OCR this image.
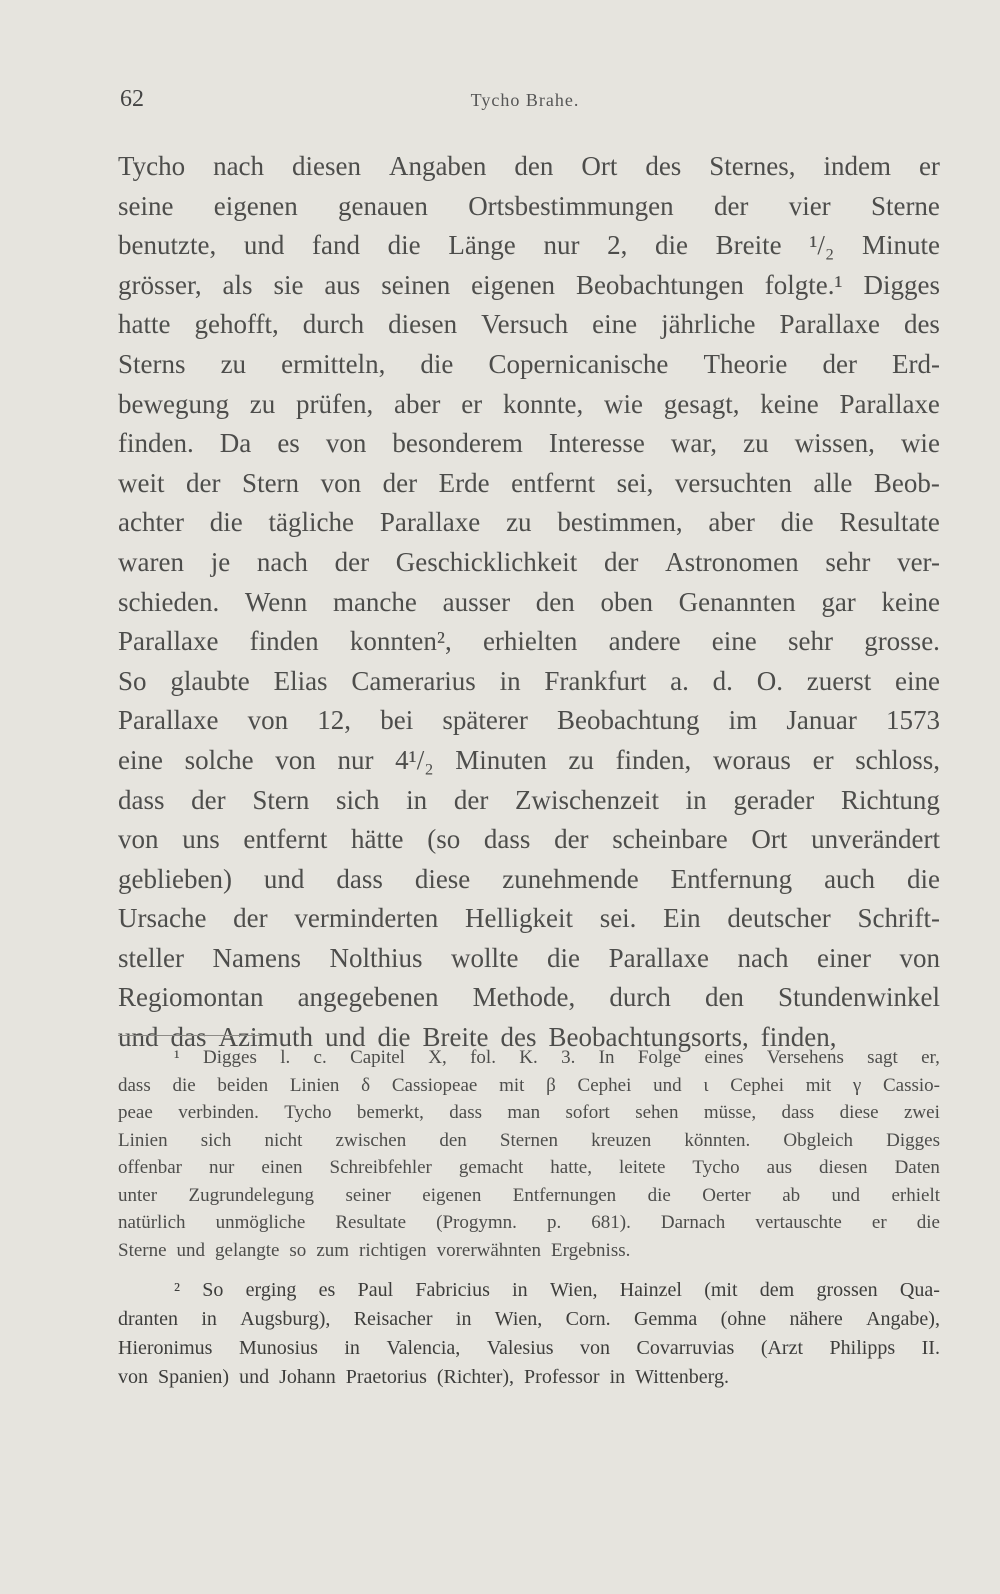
62	Tycho Brahe.
Tycho nach diesen Angaben den Ort des Sternes, indem er
seine eigenen genauen Ortsbestimmungen der vier Sterne
benutzte, und fand die Länge nur 2, die Breite ¹/₂ Minute
grösser, als sie aus seinen eigenen Beobachtungen folgte.¹ Digges
hatte gehofft, durch diesen Versuch eine jährliche Parallaxe des
Sterns zu ermitteln, die Copernicanische Theorie der Erd-
bewegung zu prüfen, aber er konnte, wie gesagt, keine Parallaxe
finden. Da es von besonderem Interesse war, zu wissen, wie
weit der Stern von der Erde entfernt sei, versuchten alle Beob-
achter die tägliche Parallaxe zu bestimmen, aber die Resultate
waren je nach der Geschicklichkeit der Astronomen sehr ver-
schieden. Wenn manche ausser den oben Genannten gar keine
Parallaxe finden konnten², erhielten andere eine sehr grosse.
So glaubte Elias Camerarius in Frankfurt a. d. O. zuerst eine
Parallaxe von 12, bei späterer Beobachtung im Januar 1573
eine solche von nur 4¹/₂ Minuten zu finden, woraus er schloss,
dass der Stern sich in der Zwischenzeit in gerader Richtung
von uns entfernt hätte (so dass der scheinbare Ort unverändert
geblieben) und dass diese zunehmende Entfernung auch die
Ursache der verminderten Helligkeit sei. Ein deutscher Schrift-
steller Namens Nolthius wollte die Parallaxe nach einer von
Regiomontan angegebenen Methode, durch den Stundenwinkel
und das Azimuth und die Breite des Beobachtungsorts, finden,
¹ Digges l. c. Capitel X, fol. K. 3. In Folge eines Versehens sagt er,
dass die beiden Linien δ Cassiopeae mit β Cephei und ι Cephei mit γ Cassio-
peae verbinden. Tycho bemerkt, dass man sofort sehen müsse, dass diese zwei
Linien sich nicht zwischen den Sternen kreuzen könnten. Obgleich Digges
offenbar nur einen Schreibfehler gemacht hatte, leitete Tycho aus diesen Daten
unter Zugrundelegung seiner eigenen Entfernungen die Oerter ab und erhielt
natürlich unmögliche Resultate (Progymn. p. 681). Darnach vertauschte er die
Sterne und gelangte so zum richtigen vorerwähnten Ergebniss.
² So erging es Paul Fabricius in Wien, Hainzel (mit dem grossen Qua-
dranten in Augsburg), Reisacher in Wien, Corn. Gemma (ohne nähere Angabe),
Hieronimus Munosius in Valencia, Valesius von Covarruvias (Arzt Philipps II.
von Spanien) und Johann Praetorius (Richter), Professor in Wittenberg.
